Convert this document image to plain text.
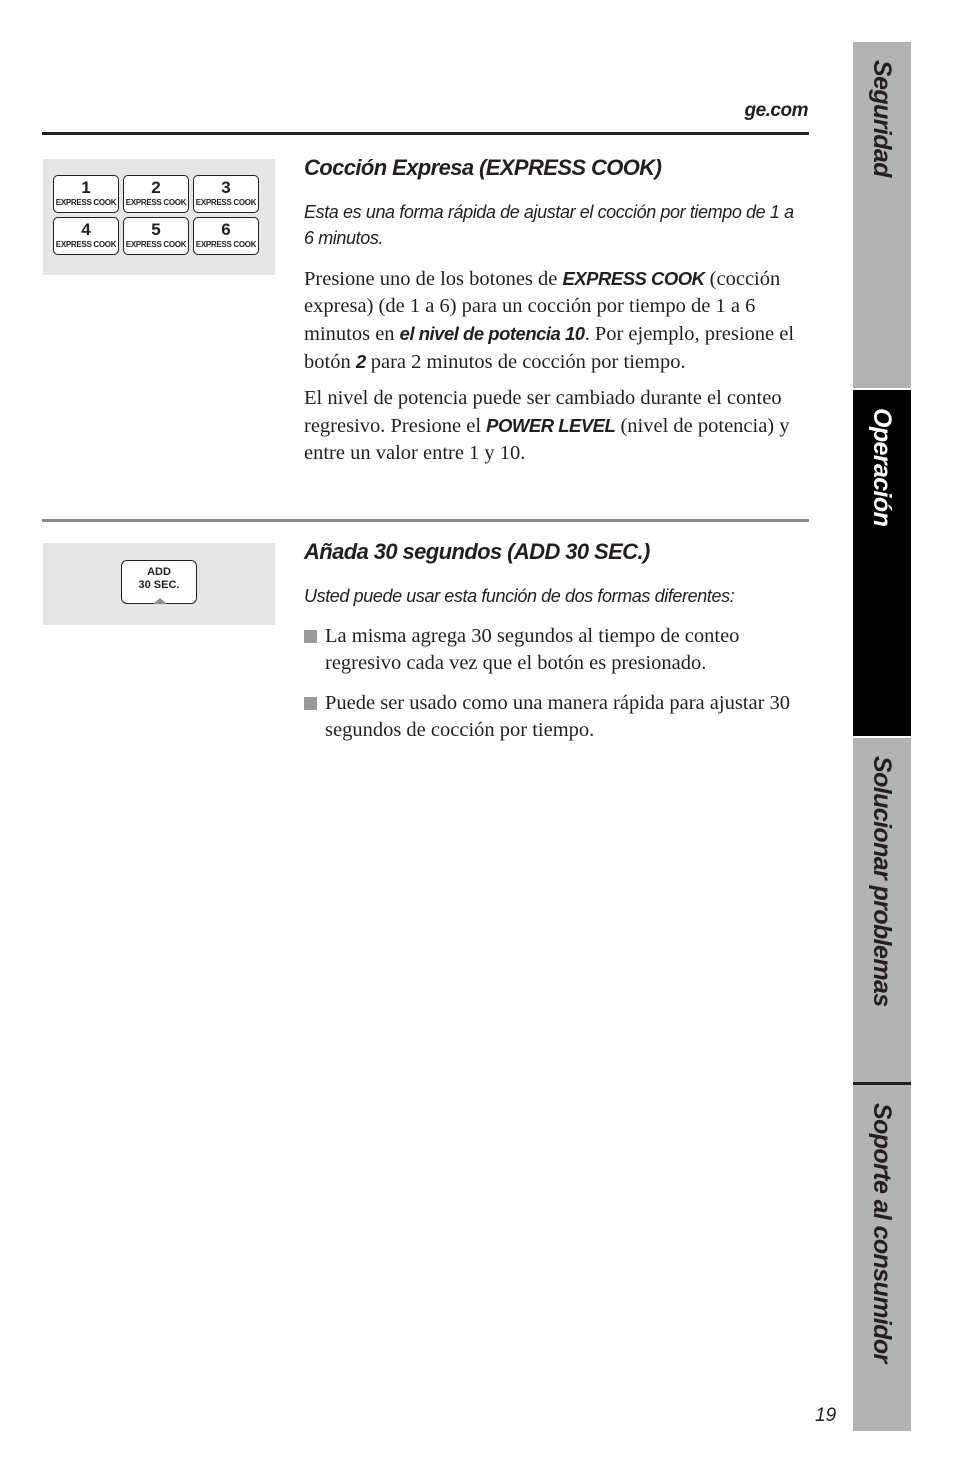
ge.com
1
EXPRESS COOK
2
EXPRESS COOK
3
EXPRESS COOK
4
EXPRESS COOK
5
EXPRESS COOK
6
EXPRESS COOK
Cocción Expresa (EXPRESS COOK)

Esta es una forma rápida de ajustar el cocción por tiempo de 1 a 6 minutos.

Presione uno de los botones de EXPRESS COOK (cocción expresa) (de 1 a 6) para un cocción por tiempo de 1 a 6 minutos en el nivel de potencia 10. Por ejemplo, presione el botón 2 para 2 minutos de cocción por tiempo.

El nivel de potencia puede ser cambiado durante el conteo regresivo. Presione el POWER LEVEL (nivel de potencia) y entre un valor entre 1 y 10.

ADD
30 SEC.
Añada 30 segundos (ADD 30 SEC.)

Usted puede usar esta función de dos formas diferentes:

La misma agrega 30 segundos al tiempo de conteo regresivo cada vez que el botón es presionado.

Puede ser usado como una manera rápida para ajustar 30 segundos de cocción por tiempo.

19
Seguridad
Operación
Solucionar problemas
Soporte al consumidor
